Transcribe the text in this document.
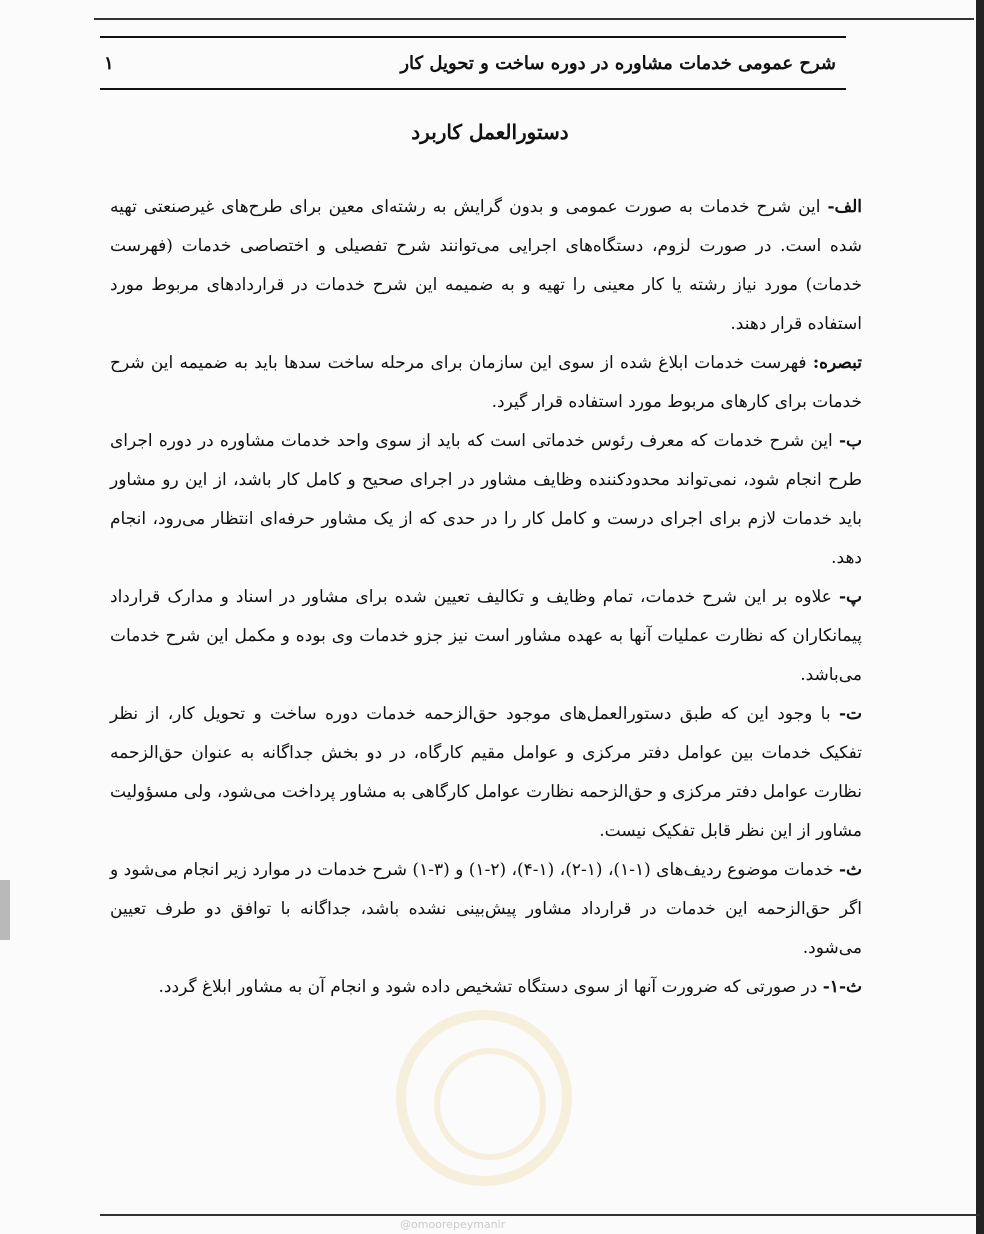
۱	شرح عمومی خدمات مشاوره در دوره ساخت و تحویل کار
دستورالعمل کاربرد

الف- این شرح خدمات به صورت عمومی و بدون گرایش به رشته‌ای معین برای طرح‌های غیرصنعتی تهیه شده است. در صورت لزوم، دستگاه‌های اجرایی می‌توانند شرح تفصیلی و اختصاصی خدمات (فهرست خدمات) مورد نیاز رشته یا کار معینی را تهیه و به ضمیمه این شرح خدمات در قراردادهای مربوط مورد استفاده قرار دهند.

تبصره: فهرست خدمات ابلاغ شده از سوی این سازمان برای مرحله ساخت سدها باید به ضمیمه این شرح خدمات برای کارهای مربوط مورد استفاده قرار گیرد.

ب- این شرح خدمات که معرف رئوس خدماتی است که باید از سوی واحد خدمات مشاوره در دوره اجرای طرح انجام شود، نمی‌تواند محدودکننده وظایف مشاور در اجرای صحیح و کامل کار باشد، از این رو مشاور باید خدمات لازم برای اجرای درست و کامل کار را در حدی که از یک مشاور حرفه‌ای انتظار می‌رود، انجام دهد.

پ- علاوه بر این شرح خدمات، تمام وظایف و تکالیف تعیین شده برای مشاور در اسناد و مدارک قرارداد پیمانکاران که نظارت عملیات آنها به عهده مشاور است نیز جزو خدمات وی بوده و مکمل این شرح خدمات می‌باشد.

ت- با وجود این که طبق دستورالعمل‌های موجود حق‌الزحمه خدمات دوره ساخت و تحویل کار، از نظر تفکیک خدمات بین عوامل دفتر مرکزی و عوامل مقیم کارگاه، در دو بخش جداگانه به عنوان حق‌الزحمه نظارت عوامل دفتر مرکزی و حق‌الزحمه نظارت عوامل کارگاهی به مشاور پرداخت می‌شود، ولی مسؤولیت مشاور از این نظر قابل تفکیک نیست.

ث- خدمات موضوع ردیف‌های (۱-۱)، (۱-۲)، (۱-۴)، (۲-۱) و (۳-۱) شرح خدمات در موارد زیر انجام می‌شود و اگر حق‌الزحمه این خدمات در قرارداد مشاور پیش‌بینی نشده باشد، جداگانه با توافق دو طرف تعیین می‌شود.

ث-۱- در صورتی که ضرورت آنها از سوی دستگاه تشخیص داده شود و انجام آن به مشاور ابلاغ گردد.

@omoorepeymanir
